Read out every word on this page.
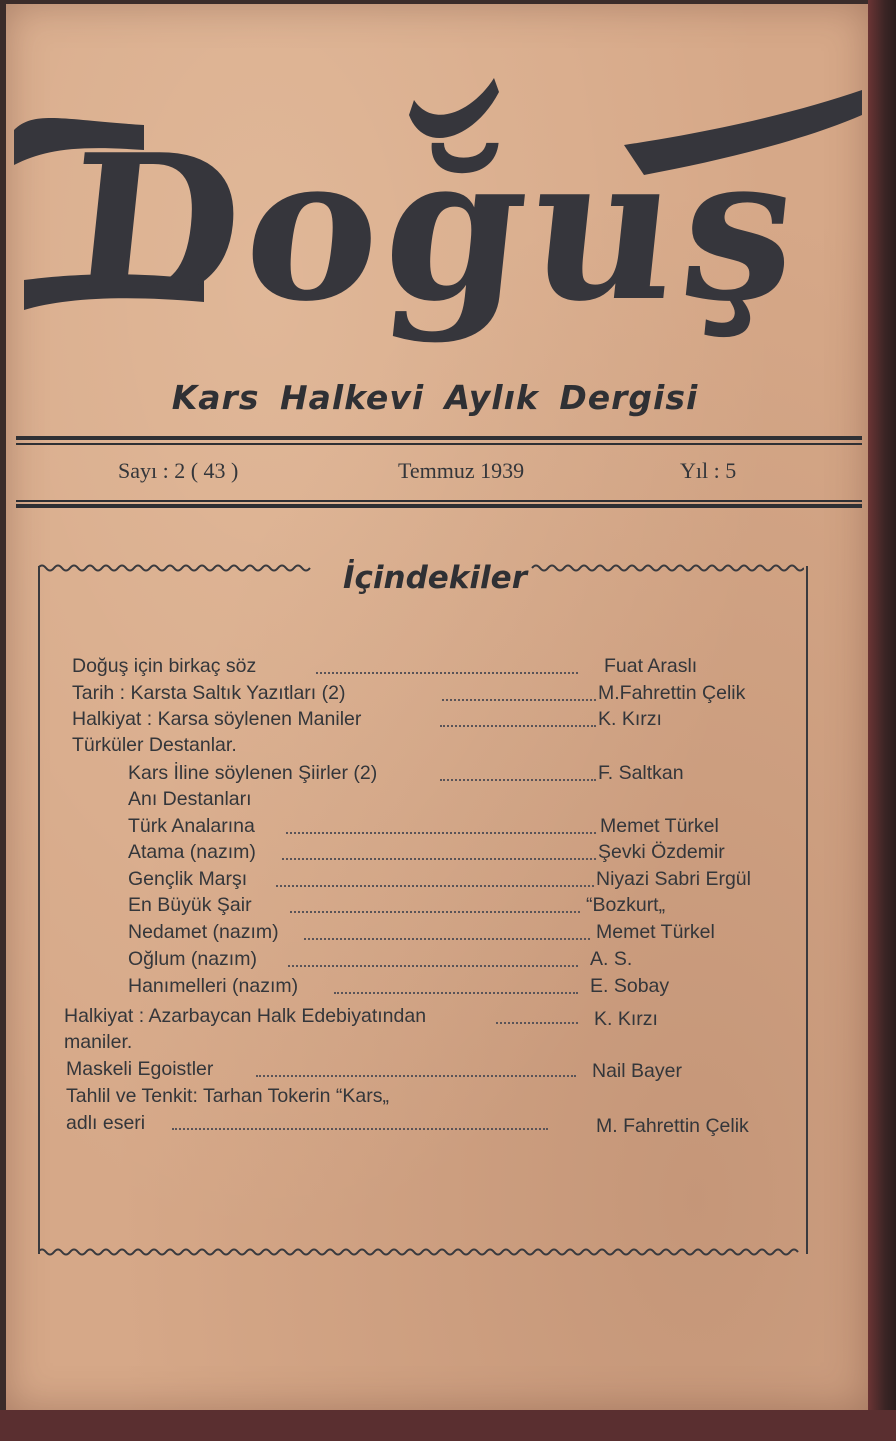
Doğuş
Kars Halkevi Aylık Dergisi
Sayı : 2 ( 43 )	Temmuz 1939	Yıl : 5
İçindekiler
Doğuş için birkaç söz	Fuat Araslı
Tarih : Karsta Saltık Yazıtları (2)	M.Fahrettin Çelik
Halkiyat : Karsa söylenen Maniler	K. Kırzı
Türküler Destanlar.
Kars İline söylenen Şiirler (2)	F. Saltkan
Anı Destanları
Türk Analarına	Memet Türkel
Atama (nazım)	Şevki Özdemir
Gençlik Marşı	Niyazi Sabri Ergül
En Büyük Şair	“Bozkurt„
Nedamet (nazım)	Memet Türkel
Oğlum (nazım)	A. S.
Hanımelleri (nazım)	E. Sobay
Halkiyat : Azarbaycan Halk Edebiyatından	K. Kırzı
maniler.
Maskeli Egoistler	Nail Bayer
Tahlil ve Tenkit: Tarhan Tokerin “Kars„
adlı eseri	M. Fahrettin Çelik
